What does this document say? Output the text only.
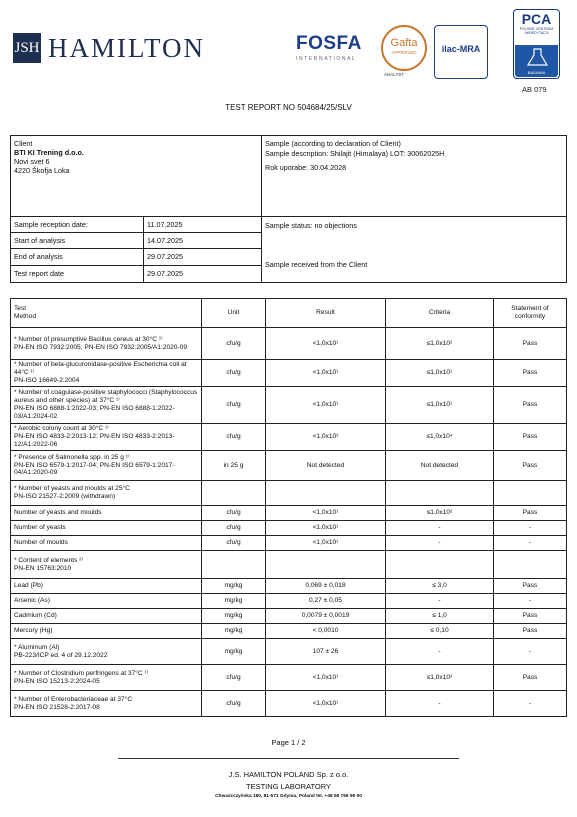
JSH HAMILTON	FOSFA
INTERNATIONAL
Gafta
APPROVED
ANALYST
ilac-MRA
PCA
POLSKIE CENTRUM AKREDYTACJI
BADANIA
AB 079
TEST REPORT NO 504684/25/SLV
Client
BTI KI Trening d.o.o.
Novi svet 6
4220 Škofja Loka
Sample (according to declaration of Client)
Sample description: Shilajit (Himalaya) LOT: 30062025H
Rok uporabe: 30.04.2028
Sample reception date:	11.07.2025
Start of analysis	14.07.2025
End of analysis	29.07.2025
Test report date	29.07.2025
Sample status: no objections
Sample received from the Client
Test
Method	Unit	Result	Criteria	Statement of conformity
* Number of presumptive Bacillus cereus at 30°C ¹⁾
PN-EN ISO 7932:2005; PN-EN ISO 7932:2005/A1:2020-09	cfu/g	<1,0x10¹	≤1,0x10²	Pass
* Number of beta-glucuronidase-positive Escherichia coli at 44°C ¹⁾
PN-ISO 16649-2:2004	cfu/g	<1,0x10¹	≤1,0x10¹	Pass
* Number of coagulase-positive staphylococci (Staphylococcus aureus and other species) at 37°C ¹⁾
PN-EN ISO 6888-1:2022-03; PN-EN ISO 6888-1:2022-03/A1:2024-02	cfu/g	<1,0x10¹	≤1,0x10¹	Pass
* Aerobic colony count at 30°C ¹⁾
PN-EN ISO 4833-2:2013-12; PN-EN ISO 4833-2:2013-12/A1:2022-06	cfu/g	<1,0x10²	≤1,0x10⁴	Pass
* Presence of Salmonella spp. in 25 g ¹⁾
PN-EN ISO 6579-1:2017-04; PN-EN ISO 6579-1:2017-04/A1:2020-09	in 25 g	Not detected	Not detected	Pass
* Number of yeasts and moulds at 25°C
PN-ISO 21527-2:2009 (withdrawn)				
Number of yeasts and moulds	cfu/g	<1,0x10¹	≤1,0x10²	Pass
Number of yeasts	cfu/g	<1,0x10¹	-	-
Number of moulds	cfu/g	<1,0x10¹	-	-
* Content of elements ²⁾
PN-EN 15763:2010				
Lead (Pb)	mg/kg	0,069 ± 0,018	≤ 3,0	Pass
Arsenic (As)	mg/kg	0,27 ± 0,05	-	-
Cadmium (Cd)	mg/kg	0,0079 ± 0,0019	≤ 1,0	Pass
Mercury (Hg)	mg/kg	< 0,0010	≤ 0,10	Pass
* Aluminum (Al)
PB-223/ICP ed. 4 of 29.12.2022	mg/kg	107 ± 26	-	-
* Number of Clostridium perfringens at 37°C ¹⁾
PN-EN ISO 15213-2:2024-05	cfu/g	<1,0x10¹	≤1,0x10²	Pass
* Number of Enterobacteriaceae at 37°C
PN-EN ISO 21528-2:2017-08	cfu/g	<1,0x10¹	-	-
Page 1 / 2
J.S. HAMILTON POLAND Sp. z o.o.
TESTING LABORATORY
Chwaszczyńska 180, 81-571 Gdynia, Poland tel. +48 58 766 99 00
